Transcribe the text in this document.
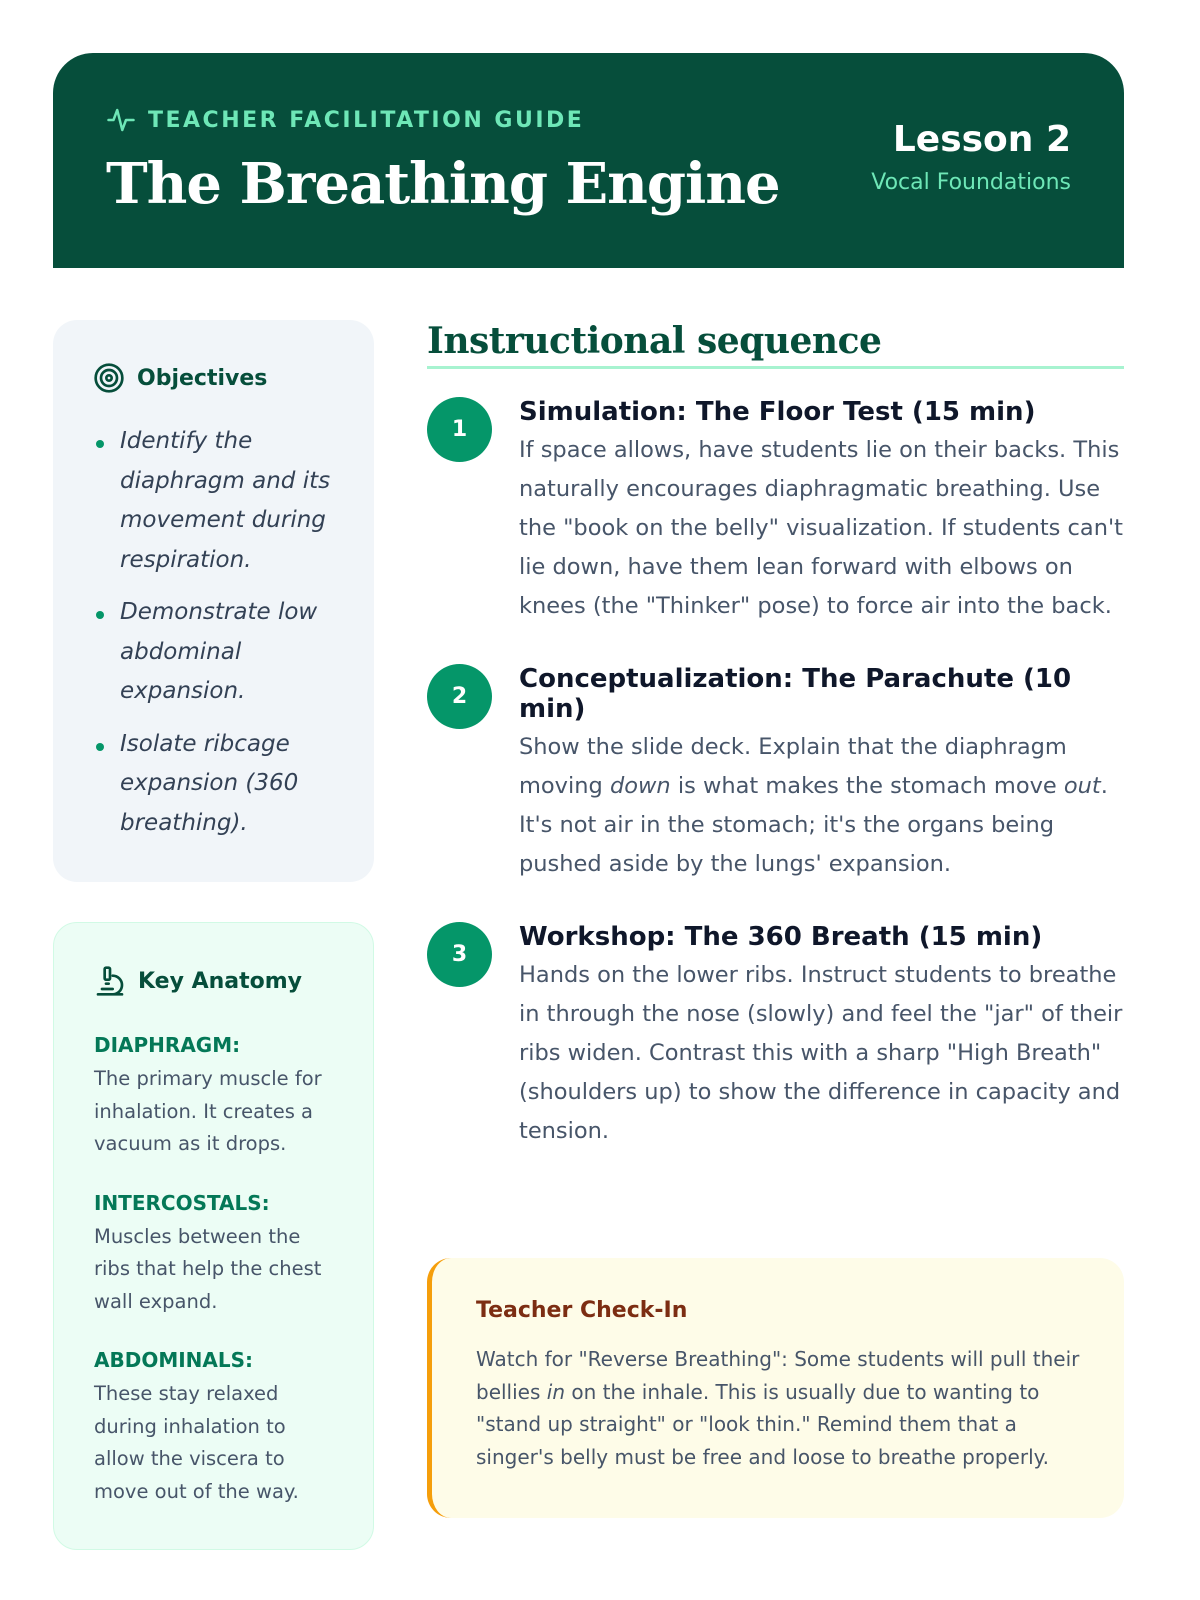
TEACHER FACILITATION GUIDE
The Breathing Engine
Lesson 2
Vocal Foundations
Objectives
Identify the diaphragm and its movement during respiration.
Demonstrate low abdominal expansion.
Isolate ribcage expansion (360 breathing).
Key Anatomy
DIAPHRAGM:
The primary muscle for inhalation. It creates a vacuum as it drops.
INTERCOSTALS:
Muscles between the ribs that help the chest wall expand.
ABDOMINALS:
These stay relaxed during inhalation to allow the viscera to move out of the way.
Instructional sequence
1
Simulation: The Floor Test (15 min)

If space allows, have students lie on their backs. This naturally encourages diaphragmatic breathing. Use the "book on the belly" visualization. If students can't lie down, have them lean forward with elbows on knees (the "Thinker" pose) to force air into the back.

2
Conceptualization: The Parachute (10 min)

Show the slide deck. Explain that the diaphragm moving down is what makes the stomach move out. It's not air in the stomach; it's the organs being pushed aside by the lungs' expansion.

3
Workshop: The 360 Breath (15 min)

Hands on the lower ribs. Instruct students to breathe in through the nose (slowly) and feel the "jar" of their ribs widen. Contrast this with a sharp "High Breath" (shoulders up) to show the difference in capacity and tension.

Teacher Check-In

Watch for "Reverse Breathing": Some students will pull their bellies in on the inhale. This is usually due to wanting to "stand up straight" or "look thin." Remind them that a singer's belly must be free and loose to breathe properly.
